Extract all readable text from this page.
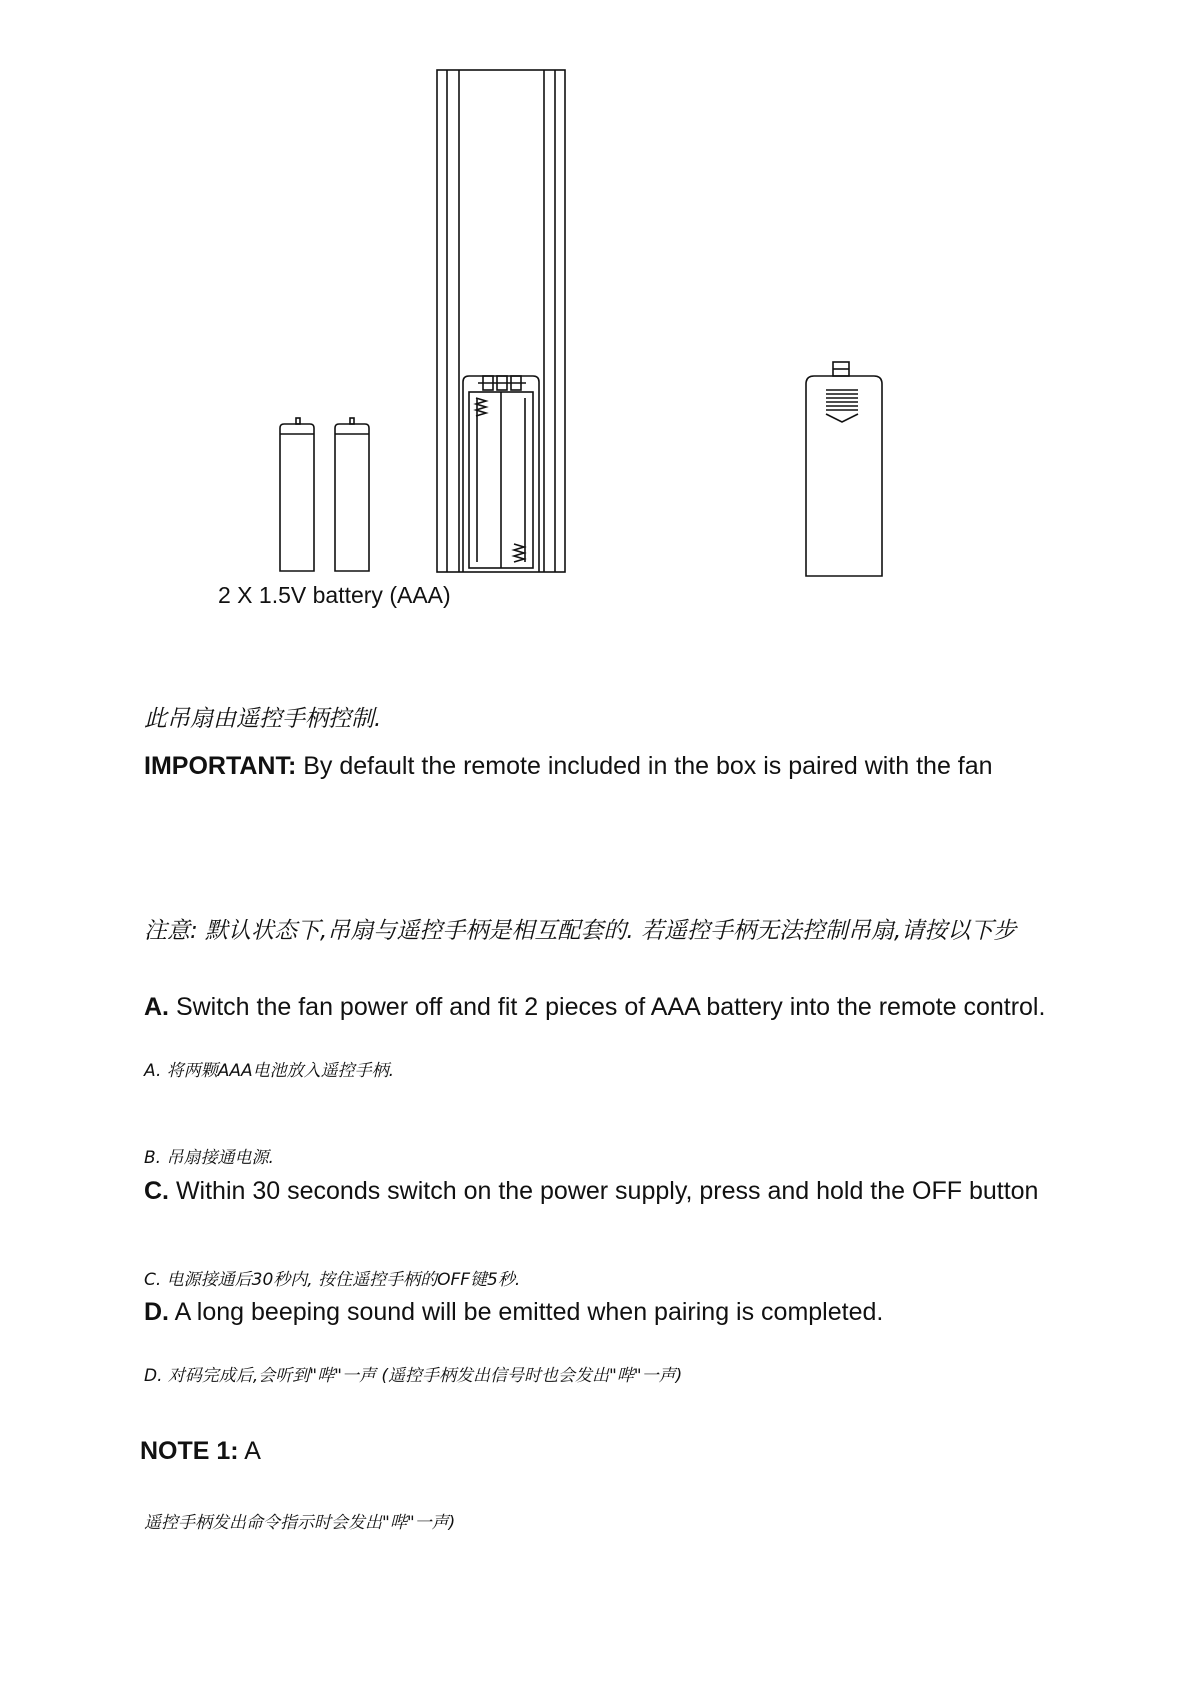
2 X 1.5V battery (AAA)
此吊扇由遥控手柄控制.
IMPORTANT: By default the remote included in the box is paired with the fan
注意: 默认状态下,吊扇与遥控手柄是相互配套的. 若遥控手柄无法控制吊扇,请按以下步
A. Switch the fan power off and fit 2 pieces of AAA battery into the remote control.
A. 将两颗AAA电池放入遥控手柄.
B. 吊扇接通电源.
C. Within 30 seconds switch on the power supply, press and hold the OFF button
C. 电源接通后30秒内, 按住遥控手柄的OFF键5秒.
D. A long beeping sound will be emitted when pairing is completed.
D. 对码完成后,会听到"哔"一声 (遥控手柄发出信号时也会发出"哔"一声)
NOTE 1: A
遥控手柄发出命令指示时会发出"哔"一声)
